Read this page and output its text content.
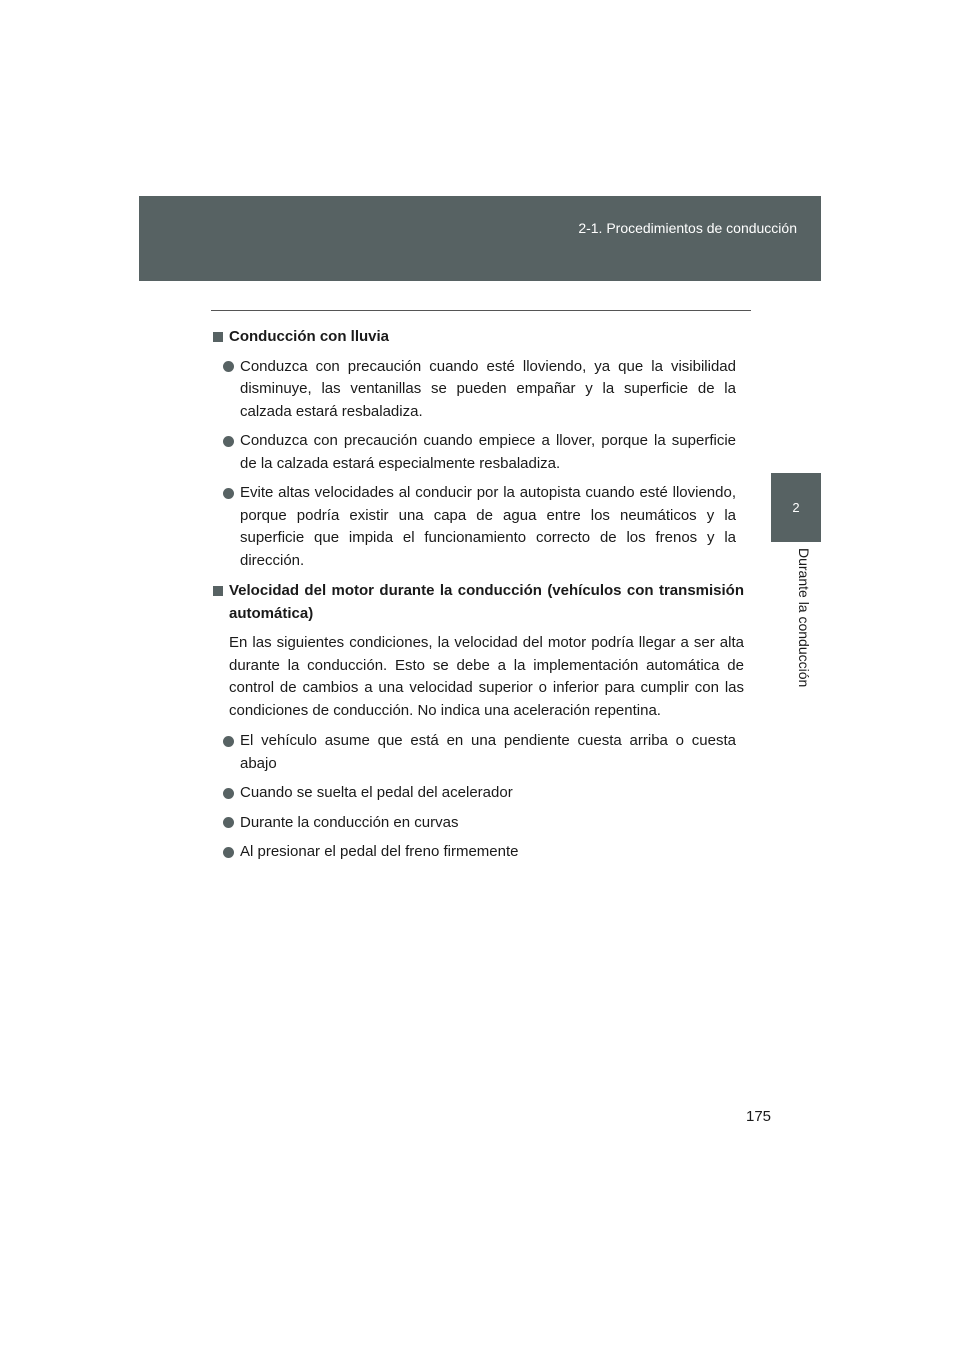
2-1. Procedimientos de conducción
2
Durante la conducción
Conducción con lluvia
Conduzca con precaución cuando esté lloviendo, ya que la visibilidad disminuye, las ventanillas se pueden empañar y la superficie de la calzada estará resbaladiza.
Conduzca con precaución cuando empiece a llover, porque la superficie de la calzada estará especialmente resbaladiza.
Evite altas velocidades al conducir por la autopista cuando esté lloviendo, porque podría existir una capa de agua entre los neumáticos y la superficie que impida el funcionamiento correcto de los frenos y la dirección.
Velocidad del motor durante la conducción (vehículos con transmisión automática)

En las siguientes condiciones, la velocidad del motor podría llegar a ser alta durante la conducción. Esto se debe a la implementación automática de control de cambios a una velocidad superior o inferior para cumplir con las condiciones de conducción. No indica una aceleración repentina.

El vehículo asume que está en una pendiente cuesta arriba o cuesta abajo
Cuando se suelta el pedal del acelerador
Durante la conducción en curvas
Al presionar el pedal del freno firmemente
175
